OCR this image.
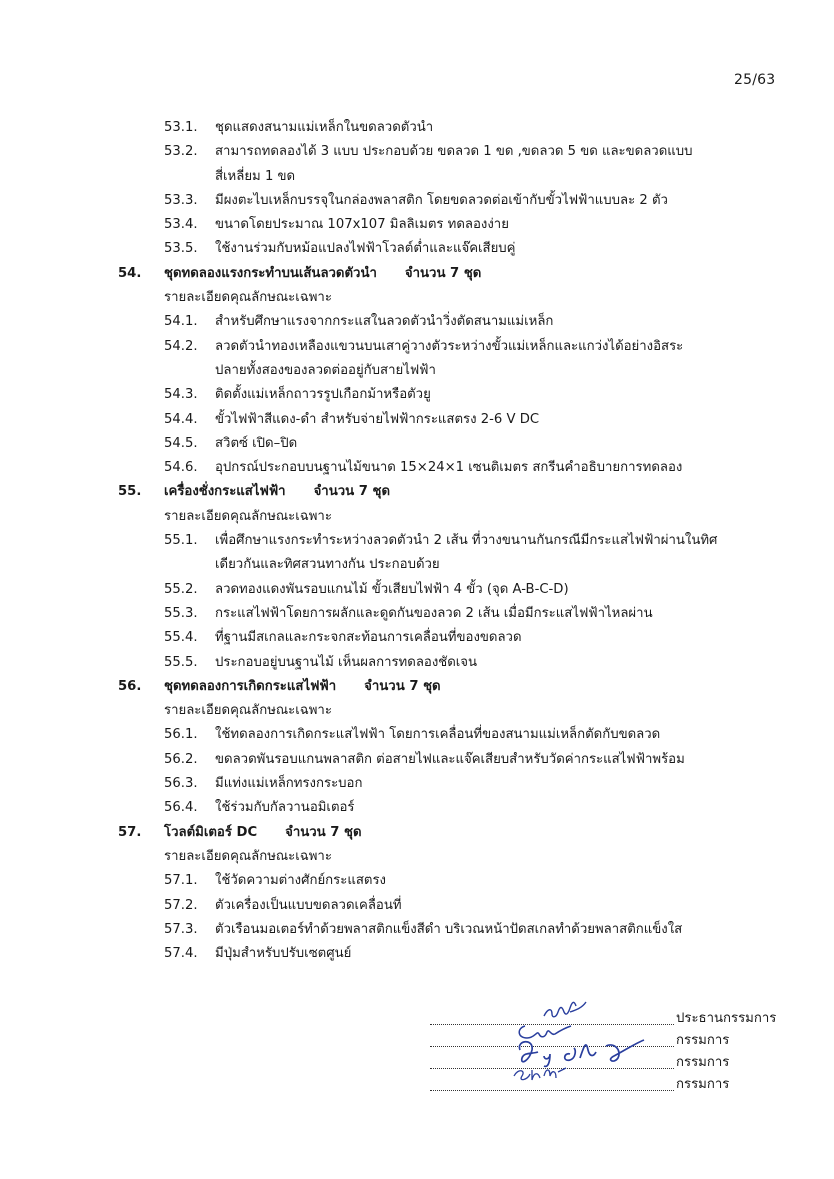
25/63
53.1. ชุดแสดงสนามแม่เหล็กในขดลวดตัวนำ
53.2. สามารถทดลองได้ 3 แบบ ประกอบด้วย ขดลวด 1 ขด ,ขดลวด 5 ขด และขดลวดแบบ
สี่เหลี่ยม 1 ขด
53.3. มีผงตะไบเหล็กบรรจุในกล่องพลาสติก โดยขดลวดต่อเข้ากับขั้วไฟฟ้าแบบละ 2 ตัว
53.4. ขนาดโดยประมาณ 107x107 มิลลิเมตร ทดลองง่าย
53.5. ใช้งานร่วมกับหม้อแปลงไฟฟ้าโวลต์ต่ำและแจ๊คเสียบคู่
54. ชุดทดลองแรงกระทำบนเส้นลวดตัวนำ จำนวน 7 ชุด
รายละเอียดคุณลักษณะเฉพาะ
54.1. สำหรับศึกษาแรงจากกระแสในลวดตัวนำวิ่งตัดสนามแม่เหล็ก
54.2. ลวดตัวนำทองเหลืองแขวนบนเสาคู่วางตัวระหว่างขั้วแม่เหล็กและแกว่งได้อย่างอิสระ
ปลายทั้งสองของลวดต่ออยู่กับสายไฟฟ้า
54.3. ติดตั้งแม่เหล็กถาวรรูปเกือกม้าหรือตัวยู
54.4. ขั้วไฟฟ้าสีแดง-ดำ สำหรับจ่ายไฟฟ้ากระแสตรง 2-6 V DC
54.5. สวิตซ์ เปิด–ปิด
54.6. อุปกรณ์ประกอบบนฐานไม้ขนาด 15×24×1 เซนติเมตร สกรีนคำอธิบายการทดลอง
55. เครื่องชั่งกระแสไฟฟ้า จำนวน 7 ชุด
รายละเอียดคุณลักษณะเฉพาะ
55.1. เพื่อศึกษาแรงกระทำระหว่างลวดตัวนำ 2 เส้น ที่วางขนานกันกรณีมีกระแสไฟฟ้าผ่านในทิศ
เดียวกันและทิศสวนทางกัน ประกอบด้วย
55.2. ลวดทองแดงพันรอบแกนไม้ ขั้วเสียบไฟฟ้า 4 ขั้ว (จุด A-B-C-D)
55.3. กระแสไฟฟ้าโดยการผลักและดูดกันของลวด 2 เส้น เมื่อมีกระแสไฟฟ้าไหลผ่าน
55.4. ที่ฐานมีสเกลและกระจกสะท้อนการเคลื่อนที่ของขดลวด
55.5. ประกอบอยู่บนฐานไม้ เห็นผลการทดลองชัดเจน
56. ชุดทดลองการเกิดกระแสไฟฟ้า จำนวน 7 ชุด
รายละเอียดคุณลักษณะเฉพาะ
56.1. ใช้ทดลองการเกิดกระแสไฟฟ้า โดยการเคลื่อนที่ของสนามแม่เหล็กตัดกับขดลวด
56.2. ขดลวดพันรอบแกนพลาสติก ต่อสายไฟและแจ๊คเสียบสำหรับวัดค่ากระแสไฟฟ้าพร้อม
56.3. มีแท่งแม่เหล็กทรงกระบอก
56.4. ใช้ร่วมกับกัลวานอมิเตอร์
57. โวลต์มิเตอร์ DC จำนวน 7 ชุด
รายละเอียดคุณลักษณะเฉพาะ
57.1. ใช้วัดความต่างศักย์กระแสตรง
57.2. ตัวเครื่องเป็นแบบขดลวดเคลื่อนที่
57.3. ตัวเรือนมอเตอร์ทำด้วยพลาสติกแข็งสีดำ บริเวณหน้าปัดสเกลทำด้วยพลาสติกแข็งใส
57.4. มีปุ่มสำหรับปรับเซตศูนย์
ประธานกรรมการ
กรรมการ
กรรมการ
กรรมการ
